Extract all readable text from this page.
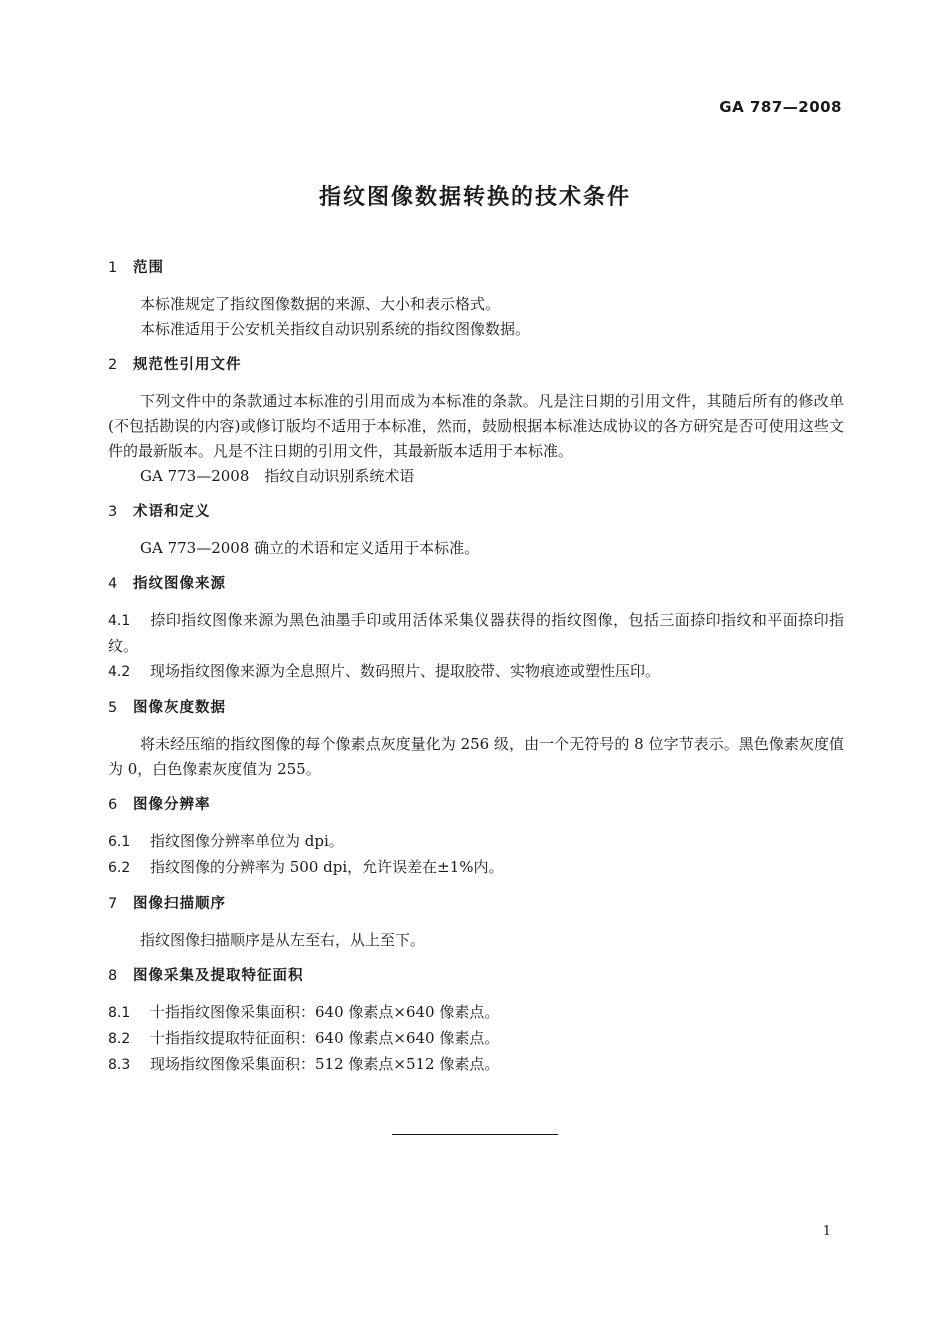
GA 787—2008
指纹图像数据转换的技术条件
1 范围

本标准规定了指纹图像数据的来源、大小和表示格式。

本标准适用于公安机关指纹自动识别系统的指纹图像数据。

2 规范性引用文件

下列文件中的条款通过本标准的引用而成为本标准的条款。凡是注日期的引用文件，其随后所有的修改单(不包括勘误的内容)或修订版均不适用于本标准，然而，鼓励根据本标准达成协议的各方研究是否可使用这些文件的最新版本。凡是不注日期的引用文件，其最新版本适用于本标准。

GA 773—2008　指纹自动识别系统术语

3 术语和定义

GA 773—2008 确立的术语和定义适用于本标准。

4 指纹图像来源

4.1 捺印指纹图像来源为黑色油墨手印或用活体采集仪器获得的指纹图像，包括三面捺印指纹和平面捺印指纹。

4.2 现场指纹图像来源为全息照片、数码照片、提取胶带、实物痕迹或塑性压印。

5 图像灰度数据

将未经压缩的指纹图像的每个像素点灰度量化为 256 级，由一个无符号的 8 位字节表示。黑色像素灰度值为 0，白色像素灰度值为 255。

6 图像分辨率

6.1 指纹图像分辨率单位为 dpi。

6.2 指纹图像的分辨率为 500 dpi，允许误差在±1%内。

7 图像扫描顺序

指纹图像扫描顺序是从左至右，从上至下。

8 图像采集及提取特征面积

8.1 十指指纹图像采集面积：640 像素点×640 像素点。

8.2 十指指纹提取特征面积：640 像素点×640 像素点。

8.3 现场指纹图像采集面积：512 像素点×512 像素点。

1
